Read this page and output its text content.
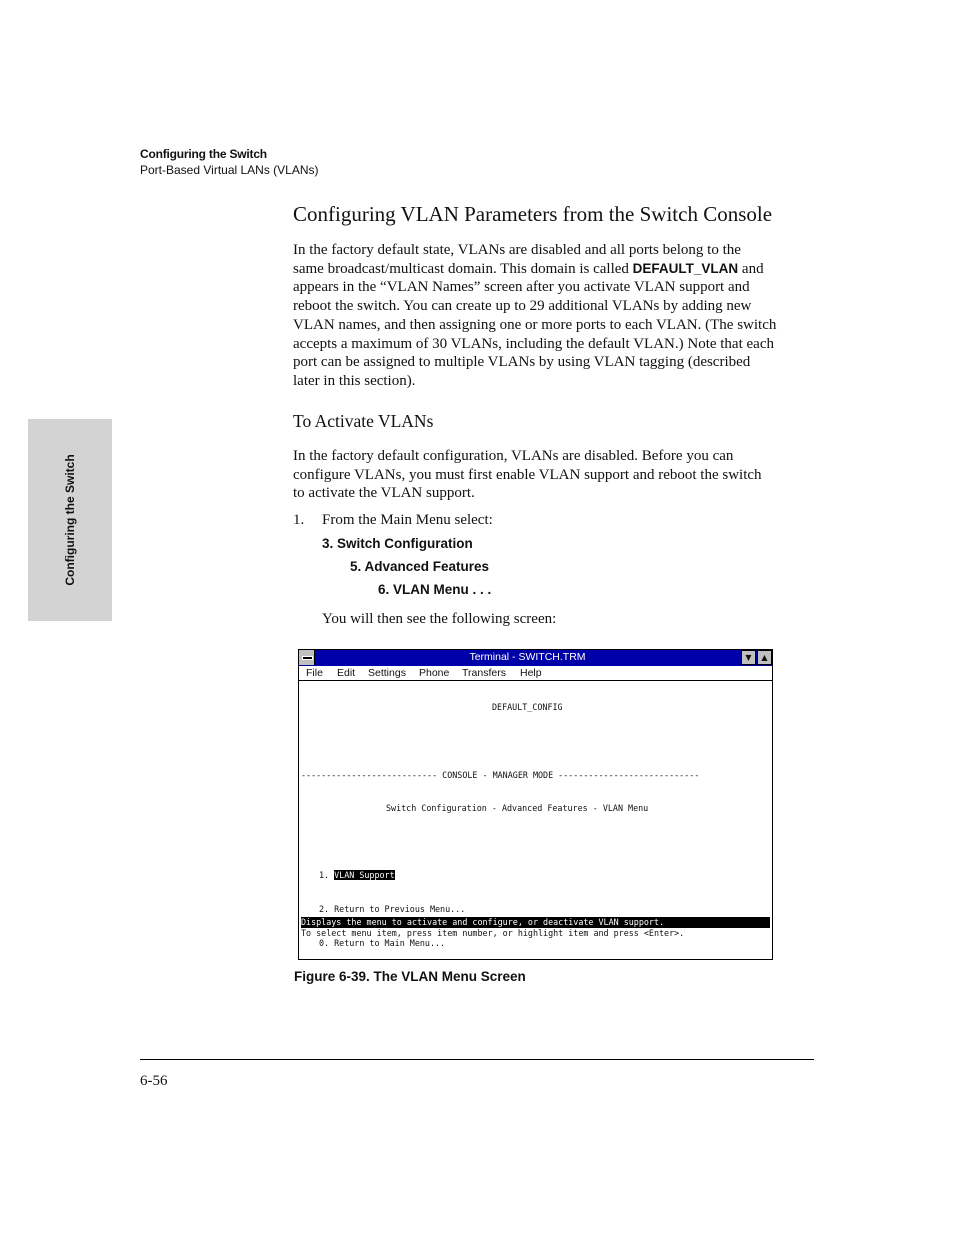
Configuring the Switch
Port-Based Virtual LANs (VLANs)
Configuring the Switch
Configuring VLAN Parameters from the Switch Console
In the factory default state, VLANs are disabled and all ports belong to the
same broadcast/multicast domain. This domain is called DEFAULT_VLAN and
appears in the “VLAN Names” screen after you activate VLAN support and
reboot the switch. You can create up to 29 additional VLANs by adding new
VLAN names, and then assigning one or more ports to each VLAN. (The switch
accepts a maximum of 30 VLANs, including the default VLAN.) Note that each
port can be assigned to multiple VLANs by using VLAN tagging (described
later in this section).
To Activate VLANs
In the factory default configuration, VLANs are disabled. Before you can
configure VLANs, you must first enable VLAN support and reboot the switch
to activate the VLAN support.
1. From the Main Menu select:
3. Switch Configuration
5. Advanced Features
6. VLAN Menu . . .
You will then see the following screen:
Terminal - SWITCH.TRM	▼	▲
File Edit Settings Phone Transfers Help

DEFAULT_CONFIG

--------------------------- CONSOLE - MANAGER MODE ----------------------------

Switch Configuration - Advanced Features - VLAN Menu

1. VLAN Support

2. Return to Previous Menu...

0. Return to Main Menu...

Displays the menu to activate and configure, or deactivate VLAN support.
To select menu item, press item number, or highlight item and press <Enter>.
Figure 6-39. The VLAN Menu Screen
6-56
